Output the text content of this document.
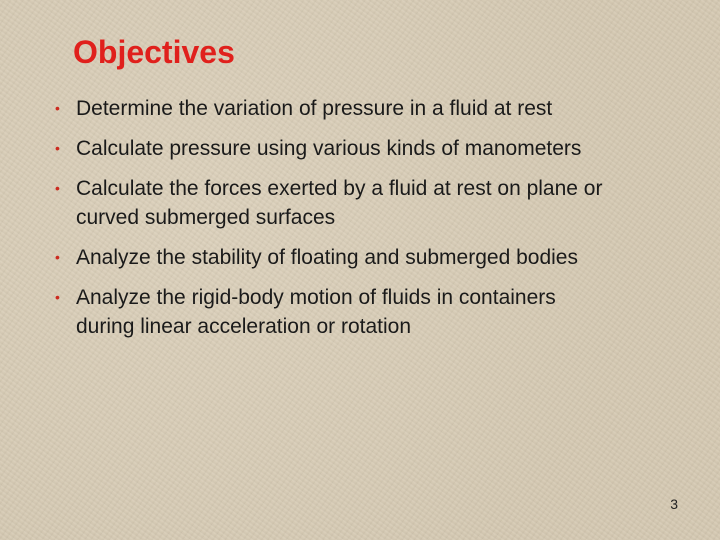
Objectives
• Determine the variation of pressure in a fluid at rest
• Calculate pressure using various kinds of manometers
• Calculate the forces exerted by a fluid at rest on plane or curved submerged surfaces
• Analyze the stability of floating and submerged bodies
• Analyze the rigid-body motion of fluids in containers during linear acceleration or rotation
3
